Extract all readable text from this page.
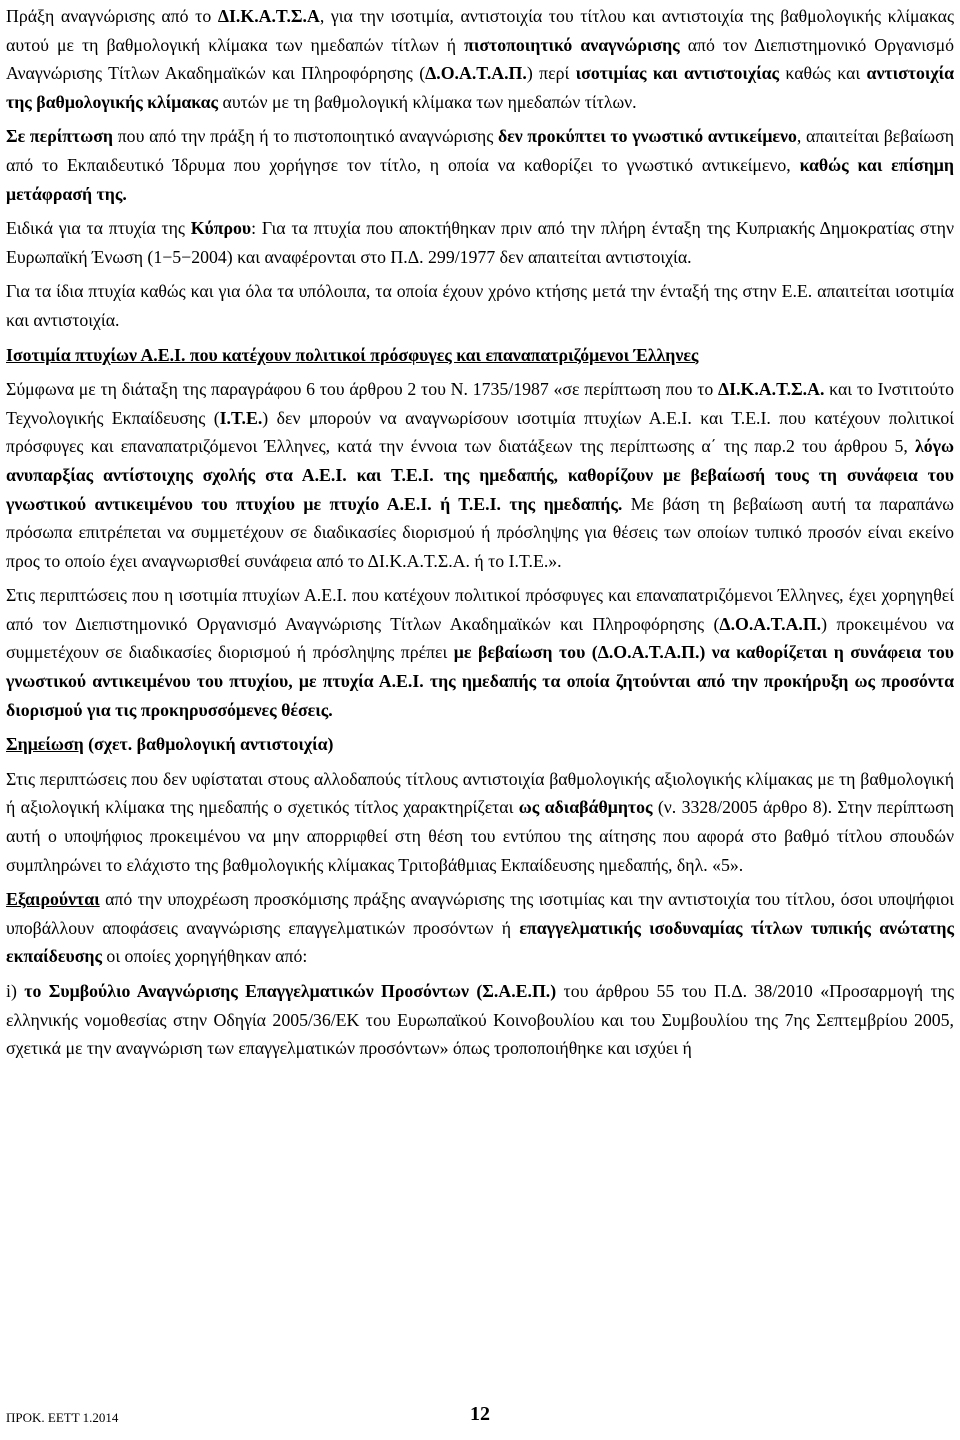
Πράξη αναγνώρισης από το ΔΙ.Κ.Α.Τ.Σ.Α, για την ισοτιμία, αντιστοιχία του τίτλου και αντιστοιχία της βαθμολογικής κλίμακας αυτού με τη βαθμολογική κλίμακα των ημεδαπών τίτλων ή πιστοποιητικό αναγνώρισης από τον Διεπιστημονικό Οργανισμό Αναγνώρισης Τίτλων Ακαδημαϊκών και Πληροφόρησης (Δ.Ο.Α.Τ.Α.Π.) περί ισοτιμίας και αντιστοιχίας καθώς και αντιστοιχία της βαθμολογικής κλίμακας αυτών με τη βαθμολογική κλίμακα των ημεδαπών τίτλων.

Σε περίπτωση που από την πράξη ή το πιστοποιητικό αναγνώρισης δεν προκύπτει το γνωστικό αντικείμενο, απαιτείται βεβαίωση από το Εκπαιδευτικό Ίδρυμα που χορήγησε τον τίτλο, η οποία να καθορίζει το γνωστικό αντικείμενο, καθώς και επίσημη μετάφρασή της.

Ειδικά για τα πτυχία της Κύπρου: Για τα πτυχία που αποκτήθηκαν πριν από την πλήρη ένταξη της Κυπριακής Δημοκρατίας στην Ευρωπαϊκή Ένωση (1−5−2004) και αναφέρονται στο Π.Δ. 299/1977 δεν απαιτείται αντιστοιχία.

Για τα ίδια πτυχία καθώς και για όλα τα υπόλοιπα, τα οποία έχουν χρόνο κτήσης μετά την ένταξή της στην Ε.Ε. απαιτείται ισοτιμία και αντιστοιχία.

Ισοτιμία πτυχίων Α.Ε.Ι. που κατέχουν πολιτικοί πρόσφυγες και επαναπατριζόμενοι Έλληνες

Σύμφωνα με τη διάταξη της παραγράφου 6 του άρθρου 2 του Ν. 1735/1987 «σε περίπτωση που το ΔΙ.Κ.Α.Τ.Σ.Α. και το Ινστιτούτο Τεχνολογικής Εκπαίδευσης (Ι.Τ.Ε.) δεν μπορούν να αναγνωρίσουν ισοτιμία πτυχίων Α.Ε.Ι. και Τ.Ε.Ι. που κατέχουν πολιτικοί πρόσφυγες και επαναπατριζόμενοι Έλληνες, κατά την έννοια των διατάξεων της περίπτωσης α΄ της παρ.2 του άρθρου 5, λόγω ανυπαρξίας αντίστοιχης σχολής στα Α.Ε.Ι. και Τ.Ε.Ι. της ημεδαπής, καθορίζουν με βεβαίωσή τους τη συνάφεια του γνωστικού αντικειμένου του πτυχίου με πτυχίο Α.Ε.Ι. ή Τ.Ε.Ι. της ημεδαπής. Με βάση τη βεβαίωση αυτή τα παραπάνω πρόσωπα επιτρέπεται να συμμετέχουν σε διαδικασίες διορισμού ή πρόσληψης για θέσεις των οποίων τυπικό προσόν είναι εκείνο προς το οποίο έχει αναγνωρισθεί συνάφεια από το ΔΙ.Κ.Α.Τ.Σ.Α. ή το Ι.Τ.Ε.».

Στις περιπτώσεις που η ισοτιμία πτυχίων Α.Ε.Ι. που κατέχουν πολιτικοί πρόσφυγες και επαναπατριζόμενοι Έλληνες, έχει χορηγηθεί από τον Διεπιστημονικό Οργανισμό Αναγνώρισης Τίτλων Ακαδημαϊκών και Πληροφόρησης (Δ.Ο.Α.Τ.Α.Π.) προκειμένου να συμμετέχουν σε διαδικασίες διορισμού ή πρόσληψης πρέπει με βεβαίωση του (Δ.Ο.Α.Τ.Α.Π.) να καθορίζεται η συνάφεια του γνωστικού αντικειμένου του πτυχίου, με πτυχία Α.Ε.Ι. της ημεδαπής τα οποία ζητούνται από την προκήρυξη ως προσόντα διορισμού για τις προκηρυσσόμενες θέσεις.

Σημείωση (σχετ. βαθμολογική αντιστοιχία)

Στις περιπτώσεις που δεν υφίσταται στους αλλοδαπούς τίτλους αντιστοιχία βαθμολογικής αξιολογικής κλίμακας με τη βαθμολογική ή αξιολογική κλίμακα της ημεδαπής ο σχετικός τίτλος χαρακτηρίζεται ως αδιαβάθμητος (ν. 3328/2005 άρθρο 8). Στην περίπτωση αυτή ο υποψήφιος προκειμένου να μην απορριφθεί στη θέση του εντύπου της αίτησης που αφορά στο βαθμό τίτλου σπουδών συμπληρώνει το ελάχιστο της βαθμολογικής κλίμακας Τριτοβάθμιας Εκπαίδευσης ημεδαπής, δηλ. «5».

Εξαιρούνται από την υποχρέωση προσκόμισης πράξης αναγνώρισης της ισοτιμίας και την αντιστοιχία του τίτλου, όσοι υποψήφιοι υποβάλλουν αποφάσεις αναγνώρισης επαγγελματικών προσόντων ή επαγγελματικής ισοδυναμίας τίτλων τυπικής ανώτατης εκπαίδευσης οι οποίες χορηγήθηκαν από:

i) το Συμβούλιο Αναγνώρισης Επαγγελματικών Προσόντων (Σ.Α.Ε.Π.) του άρθρου 55 του Π.Δ. 38/2010 «Προσαρμογή της ελληνικής νομοθεσίας στην Οδηγία 2005/36/ΕΚ του Ευρωπαϊκού Κοινοβουλίου και του Συμβουλίου της 7ης Σεπτεμβρίου 2005, σχετικά με την αναγνώριση των επαγγελματικών προσόντων» όπως τροποποιήθηκε και ισχύει ή

ΠΡΟΚ. ΕΕΤΤ 1.2014	12
